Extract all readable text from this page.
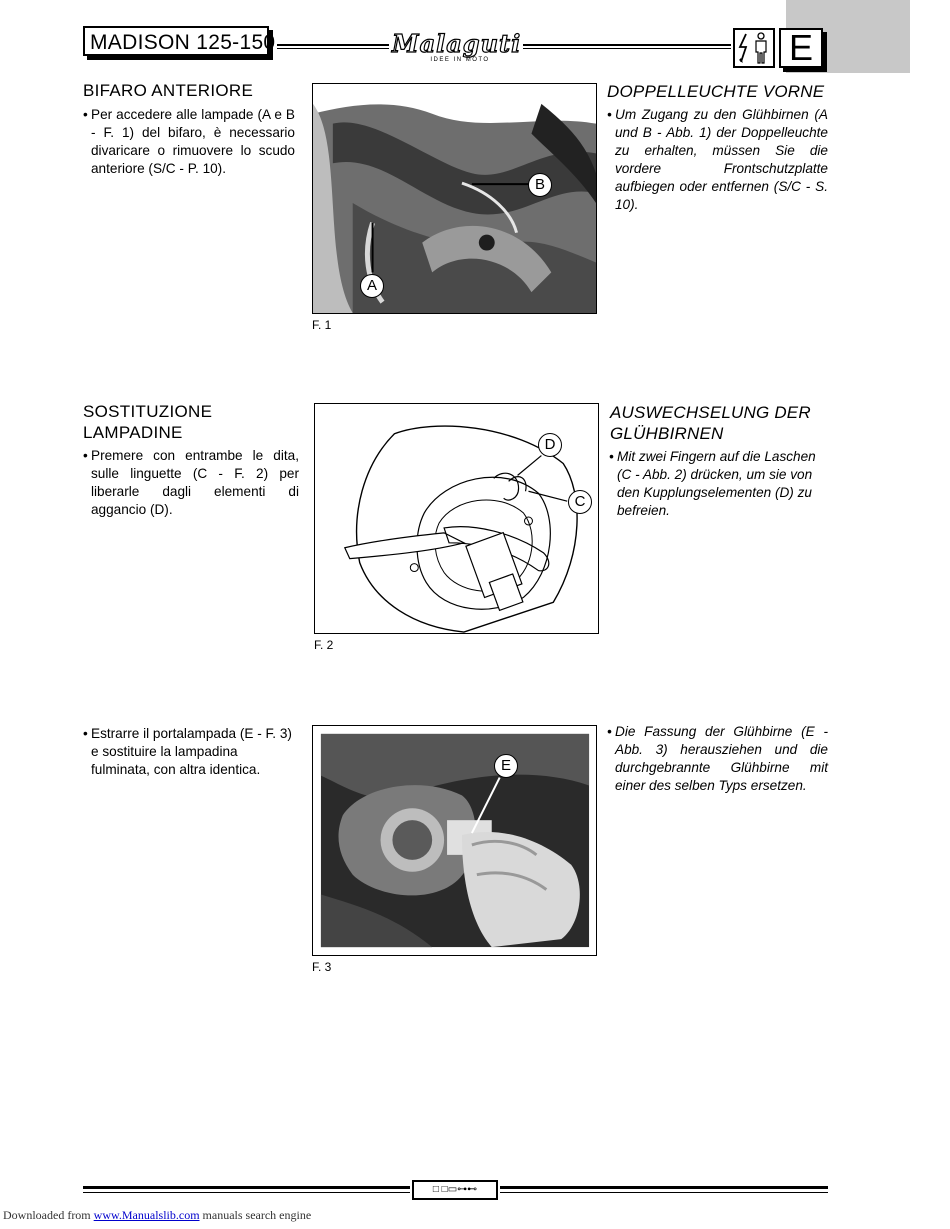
MADISON 125-150	Malaguti
IDEE IN MOTO	E
BIFARO ANTERIORE
• Per accedere alle lampade (A e B - F. 1) del bifaro, è necessario divaricare o rimuovere lo scudo anteriore (S/C - P. 10).
A
B
F. 1
DOPPELLEUCHTE VORNE
• Um Zugang zu den Glühbirnen (A und B - Abb. 1) der Doppelleuchte zu erhalten, müssen Sie die vordere Frontschutzplatte aufbiegen oder entfernen (S/C - S. 10).
SOSTITUZIONE
LAMPADINE
• Premere con entrambe le dita, sulle linguette (C - F. 2) per liberarle dagli elementi di aggancio (D).
D
C
F. 2
AUSWECHSELUNG DER
GLÜHBIRNEN
• Mit zwei Fingern auf die Laschen (C - Abb. 2) drücken, um sie von den Kupplungselementen (D) zu befreien.
• Estrarre il portalampada (E - F. 3) e sostituire la lampadina fulminata, con altra identica.	E
F. 3
• Die Fassung der Glühbirne (E - Abb. 3) herausziehen und die durchgebrannte Glühbirne mit einer des selben Typs ersetzen.
□ □▭⊶⊷
Downloaded from www.Manualslib.com manuals search engine
